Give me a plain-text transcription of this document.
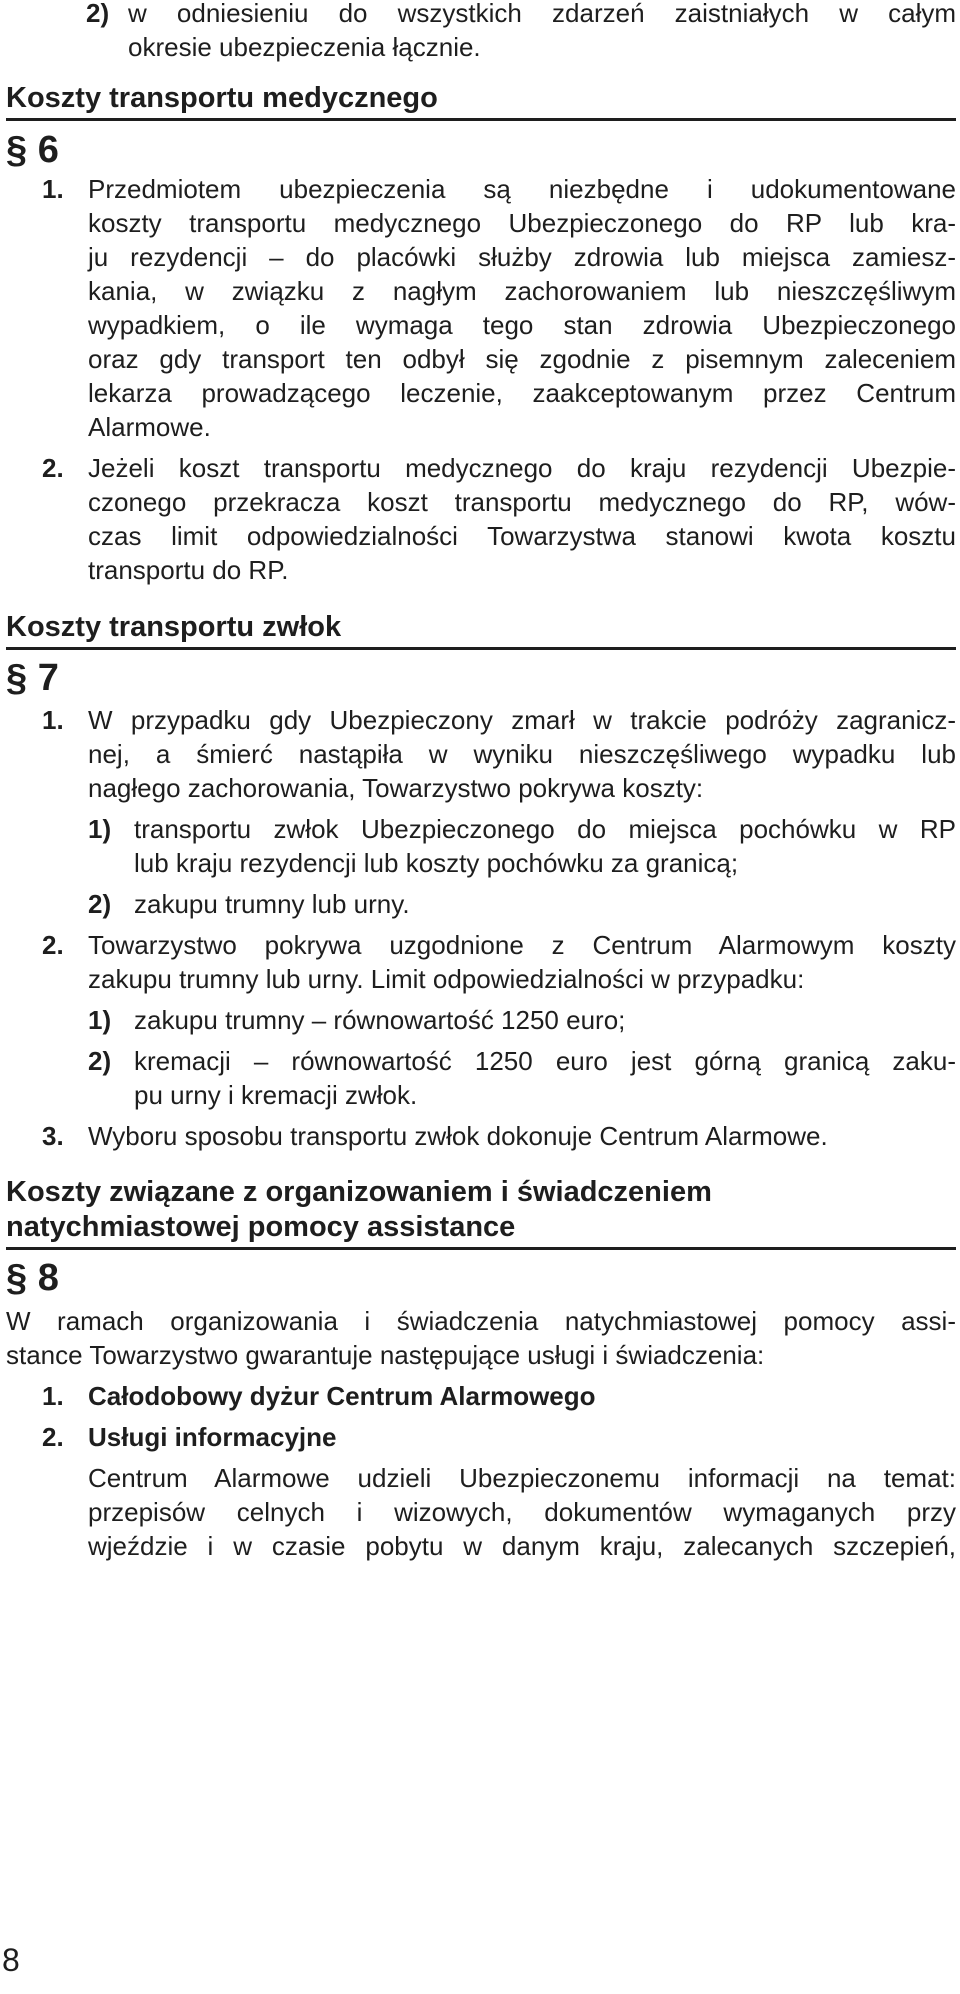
2) w odniesieniu do wszystkich zdarzeń zaistniałych w całym
okresie ubezpieczenia łącznie.
Koszty transportu medycznego
§ 6
1. Przedmiotem ubezpieczenia są niezbędne i udokumentowane
koszty transportu medycznego Ubezpieczonego do RP lub kra-
ju rezydencji – do placówki służby zdrowia lub miejsca zamiesz-
kania, w związku z nagłym zachorowaniem lub nieszczęśliwym
wypadkiem, o ile wymaga tego stan zdrowia Ubezpieczonego
oraz gdy transport ten odbył się zgodnie z pisemnym zaleceniem
lekarza prowadzącego leczenie, zaakceptowanym przez Centrum
Alarmowe.
2. Jeżeli koszt transportu medycznego do kraju rezydencji Ubezpie-
czonego przekracza koszt transportu medycznego do RP, wów-
czas limit odpowiedzialności Towarzystwa stanowi kwota kosztu
transportu do RP.
Koszty transportu zwłok
§ 7
1. W przypadku gdy Ubezpieczony zmarł w trakcie podróży zagranicz-
nej, a śmierć nastąpiła w wyniku nieszczęśliwego wypadku lub
nagłego zachorowania, Towarzystwo pokrywa koszty:
1) transportu zwłok Ubezpieczonego do miejsca pochówku w RP
lub kraju rezydencji lub koszty pochówku za granicą;
2) zakupu trumny lub urny.
2. Towarzystwo pokrywa uzgodnione z Centrum Alarmowym koszty
zakupu trumny lub urny. Limit odpowiedzialności w przypadku:
1) zakupu trumny – równowartość 1250 euro;
2) kremacji – równowartość 1250 euro jest górną granicą zaku-
pu urny i kremacji zwłok.
3. Wyboru sposobu transportu zwłok dokonuje Centrum Alarmowe.
Koszty związane z organizowaniem i świadczeniem
natychmiastowej pomocy assistance
§ 8
W ramach organizowania i świadczenia natychmiastowej pomocy assi-
stance Towarzystwo gwarantuje następujące usługi i świadczenia:
1. Całodobowy dyżur Centrum Alarmowego
2. Usługi informacyjne
Centrum Alarmowe udzieli Ubezpieczonemu informacji na temat:
przepisów celnych i wizowych, dokumentów wymaganych przy
wjeździe i w czasie pobytu w danym kraju, zalecanych szczepień,
8
